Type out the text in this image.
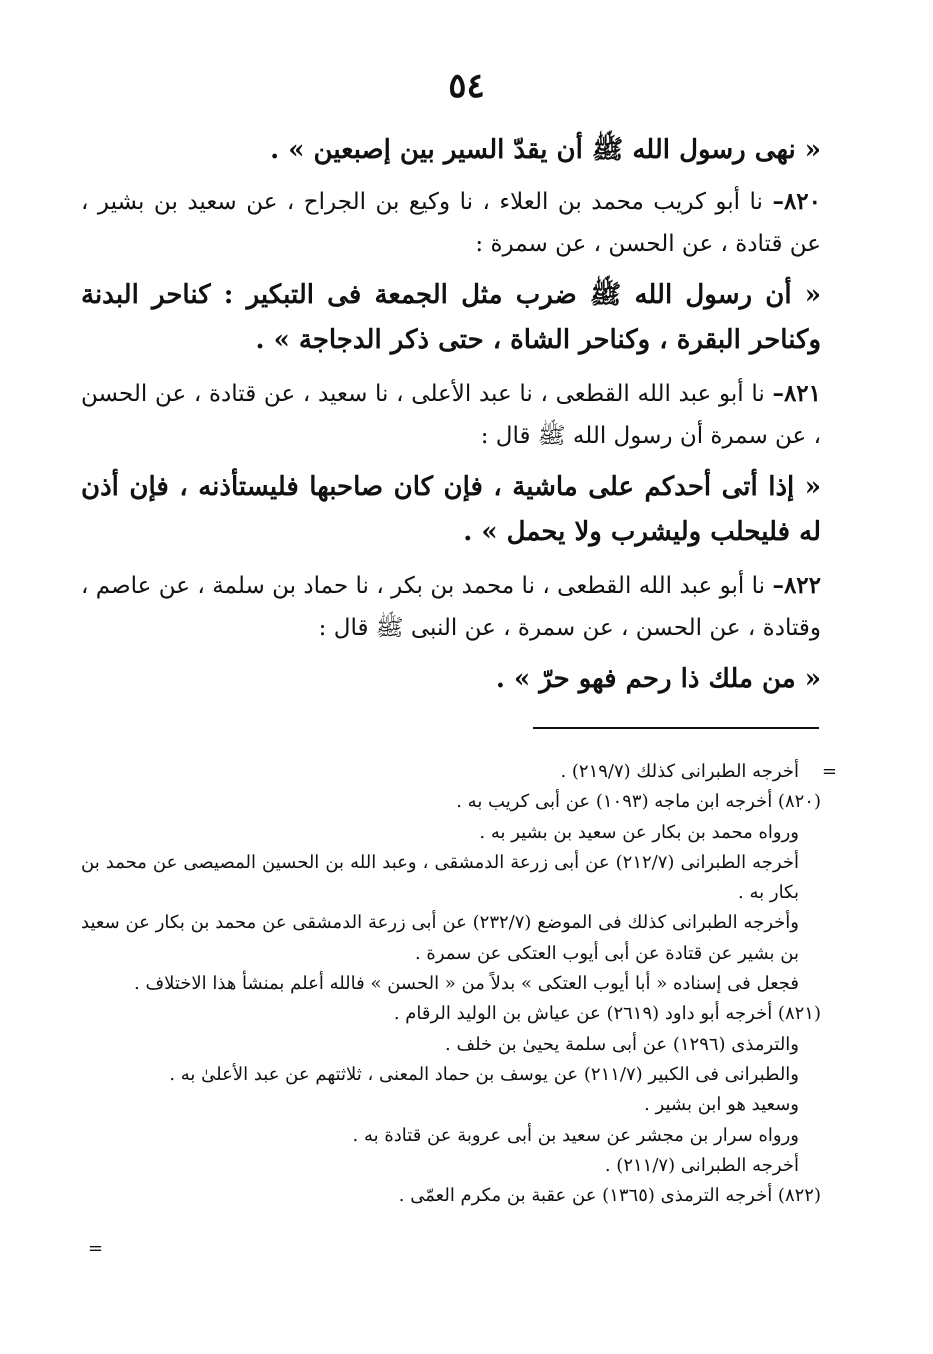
٥٤

« نهى رسول الله ﷺ أن يقدّ السير بين إصبعين » .

٨٢٠– نا أبو كريب محمد بن العلاء ، نا وكيع بن الجراح ، عن سعيد بن بشير ، عن قتادة ، عن الحسن ، عن سمرة :

« أن رسول الله ﷺ ضرب مثل الجمعة فى التبكير : كناحر البدنة وكناحر البقرة ، وكناحر الشاة ، حتى ذكر الدجاجة » .

٨٢١– نا أبو عبد الله القطعى ، نا عبد الأعلى ، نا سعيد ، عن قتادة ، عن الحسن ، عن سمرة أن رسول الله ﷺ قال :

« إذا أتى أحدكم على ماشية ، فإن كان صاحبها فليستأذنه ، فإن أذن له فليحلب وليشرب ولا يحمل » .

٨٢٢– نا أبو عبد الله القطعى ، نا محمد بن بكر ، نا حماد بن سلمة ، عن عاصم ، وقتادة ، عن الحسن ، عن سمرة ، عن النبى ﷺ قال :

« من ملك ذا رحم فهو حرّ » .

=

أخرجه الطبرانى كذلك (٢١٩/٧) .

(٨٢٠) أخرجه ابن ماجه (١٠٩٣) عن أبى كريب به .

ورواه محمد بن بكار عن سعيد بن بشير به .

أخرجه الطبرانى (٢١٢/٧) عن أبى زرعة الدمشقى ، وعبد الله بن الحسين المصيصى عن محمد بن بكار به .

وأخرجه الطبرانى كذلك فى الموضع (٢٣٢/٧) عن أبى زرعة الدمشقى عن محمد بن بكار عن سعيد بن بشير عن قتادة عن أبى أيوب العتكى عن سمرة .

فجعل فى إسناده « أبا أيوب العتكى » بدلاً من « الحسن » فالله أعلم بمنشأ هذا الاختلاف .

(٨٢١) أخرجه أبو داود (٢٦١٩) عن عياش بن الوليد الرقام .

والترمذى (١٢٩٦) عن أبى سلمة يحيىٰ بن خلف .

والطبرانى فى الكبير (٢١١/٧) عن يوسف بن حماد المعنى ، ثلاثتهم عن عبد الأعلىٰ به .

وسعيد هو ابن بشير .

ورواه سرار بن مجشر عن سعيد بن أبى عروبة عن قتادة به .

أخرجه الطبرانى (٢١١/٧) .

(٨٢٢) أخرجه الترمذى (١٣٦٥) عن عقبة بن مكرم العمّى .

=
